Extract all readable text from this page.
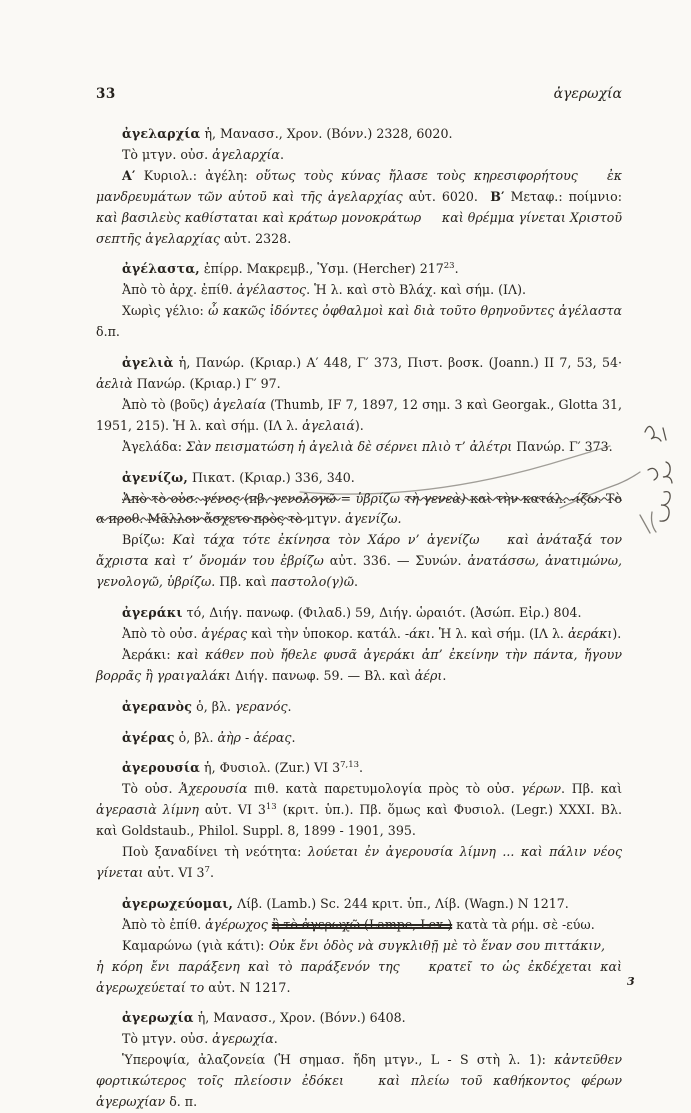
33	ἀγερωχία

ἀγελαρχία ἡ, Μανασσ., Χρον. (Βόνν.) 2328, 6020.

Τὸ μτγν. οὐσ. ἀγελαρχία.

Α′ Κυριολ.: ἀγέλη: οὕτως τοὺς κύνας ἤλασε τοὺς κηρεσιφορήτους   ἐκ μανδρευμάτων τῶν αὑτοῦ καὶ τῆς ἀγελαρχίας αὐτ. 6020.  Β′ Μεταφ.: ποίμνιο: καὶ βασιλεὺς καθίσταται καὶ κράτωρ μονοκράτωρ   καὶ θρέμμα γίνεται Χριστοῦ σεπτῆς ἀγελαρχίας αὐτ. 2328.

ἀγέλαστα, ἐπίρρ. Μακρεμβ., Ὑσμ. (Hercher) $217^{23}$.

Ἀπὸ τὸ ἀρχ. ἐπίθ. ἀγέλαστος. Ἡ λ. καὶ στὸ Βλάχ. καὶ σήμ. (ΙΛ).

Χωρὶς γέλιο: ὦ κακῶς ἰδόντες ὀφθαλμοὶ καὶ διὰ τοῦτο θρηνοῦντες ἀγέλαστα δ.π.

ἀγελιὰ ἡ, Πανώρ. (Κριαρ.) Α′ 448, Γ′ 373, Πιστ. βοσκ. (Joann.) II 7, 53, 54· ἀελιὰ Πανώρ. (Κριαρ.) Γ′ 97.

Ἀπὸ τὸ (βοῦς) ἀγελαία (Thumb, IF 7, 1897, 12 σημ. 3 καὶ Georgak., Glotta 31, 1951, 215). Ἡ λ. καὶ σήμ. (ΙΛ λ. ἀγελαιά).

Ἀγελάδα: Σὰν πεισματώση ἡ ἀγελιὰ δὲ σέρνει πλιὸ τ’ ἀλέτρι Πανώρ. Γ′ 373.

ἀγενίζω, Πικατ. (Κριαρ.) 336, 340.

Ἀπὸ τὸ οὐσ. γένος (πβ. γενολογῶ = ὑβρίζω τὴ γενεὰ) καὶ τὴν κατάλ. -ίζω. Τὸ α προθ. Μᾶλλον ἄσχετο πρὸς τὸ μτγν. ἀγενίζω.

Βρίζω: Καὶ τάχα τότε ἐκίνησα τὸν Χάρο ν’ ἀγενίζω   καὶ ἀνάταξά τον ἄχριστα καὶ τ’ ὄνομάν του ἐβρίζω αὐτ. 336. — Συνών. ἀνατάσσω, ἀνατιμώνω, γενολογῶ, ὑβρίζω. Πβ. καὶ παστολο(γ)ῶ.

ἀγεράκι τό, Διήγ. πανωφ. (Φιλαδ.) 59, Διήγ. ὡραιότ. (Ἀσώπ. Εἰρ.) 804.

Ἀπὸ τὸ οὐσ. ἀγέρας καὶ τὴν ὑποκορ. κατάλ. -άκι. Ἡ λ. καὶ σήμ. (ΙΛ λ. ἀεράκι).

Ἀεράκι: καὶ κάθεν ποὺ ἤθελε φυσᾶ ἀγεράκι ἀπ’ ἐκείνην τὴν πάντα, ἤγουν βορρᾶς ἢ γραιγαλάκι Διήγ. πανωφ. 59. — Βλ. καὶ ἀέρι.

ἀγερανὸς ὁ, βλ. γερανός.

ἀγέρας ὁ, βλ. ἀὴρ - ἀέρας.

ἀγερουσία ἡ, Φυσιολ. (Zur.) VI 3$^{7,13}$.

Τὸ οὐσ. Ἀχερουσία πιθ. κατὰ παρετυμολογία πρὸς τὸ οὐσ. γέρων. Πβ. καὶ ἀγερασιὰ λίμνη αὐτ. VI $3^{13}$ (κριτ. ὑπ.). Πβ. ὅμως καὶ Φυσιολ. (Legr.) XXXI. Βλ. καὶ Goldstaub., Philol. Suppl. 8, 1899 - 1901, 395.

Ποὺ ξαναδίνει τὴ νεότητα: λούεται ἐν ἀγερουσία λίμνη ... καὶ πάλιν νέος γίνεται αὐτ. VI $3^7$.

ἀγερωχεύομαι, Λίβ. (Lamb.) Sc. 244 κριτ. ὑπ., Λίβ. (Wagn.) N 1217.

Ἀπὸ τὸ ἐπίθ. ἀγέρωχος ἢ τὸ ἀγερωχῶ (Lampe, Lex.) κατὰ τὰ ρήμ. σὲ -εύω.

Καμαρώνω (γιὰ κάτι): Οὐκ ἔνι ὁδὸς νὰ συγκλιθῇ μὲ τὸ ἕναν σου πιττάκιν,   ἡ κόρη ἔνι παράξενη καὶ τὸ παράξενόν της   κρατεῖ το ὡς ἐκδέχεται καὶ ἀγερωχεύεταί το αὐτ. N 1217.

ἀγερωχία ἡ, Μανασσ., Χρον. (Βόνν.) 6408.

Τὸ μτγν. οὐσ. ἀγερωχία.

Ὑπεροψία, ἀλαζονεία (Ἡ σημασ. ἤδη μτγν., L - S στὴ λ. 1): κἀντεῦθεν φορτικώτερος τοῖς πλείοσιν ἐδόκει   καὶ πλείω τοῦ καθήκοντος φέρων ἀγερωχίαν δ. π.

3
